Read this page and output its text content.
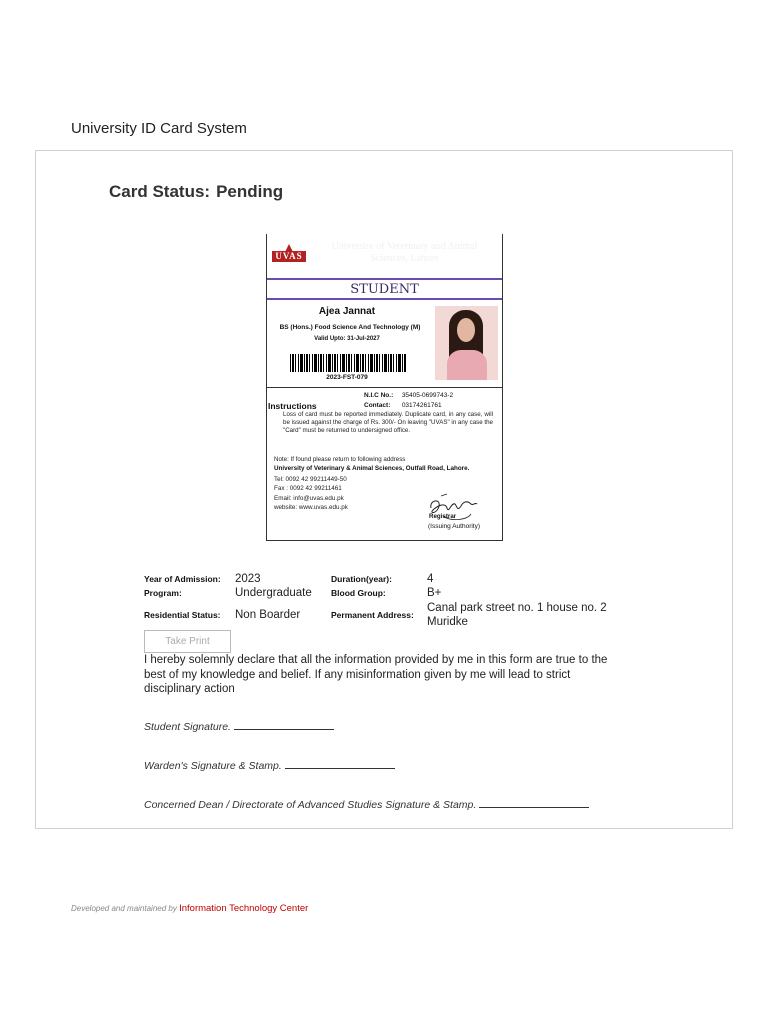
University ID Card System
Card Status: Pending
UVAS
University of Veterinary and Animal Sciences, Lahore
STUDENT
Ajea Jannat
BS (Hons.) Food Science And Technology (M)
Valid Upto: 31-Jul-2027
2023-FST-079
N.I.C No.: 35405-0699743-2
Instructions	Contact: 03174261761
Loss of card must be reported immediately. Duplicate card, in any case, will be issued against the charge of Rs. 300/- On leaving "UVAS" in any case the "Card" must be returned to undersigned office.
Note: If found please return to following address
University of Veterinary & Animal Sciences, Outfall Road, Lahore.
Tel: 0092 42 99211449-50
Fax : 0092 42 99211461
Email: info@uvas.edu.pk
website: www.uvas.edu.pk
Registrar
(Issuing Authority)
Year of Admission: 2023	Duration(year):	4
Program:	Undergraduate Blood Group:	B+
Residential Status: Non Boarder	Permanent Address:
Canal park street no. 1 house no. 2 Muridke
Take Print
I hereby solemnly declare that all the information provided by me in this form are true to the best of my knowledge and belief. If any misinformation given by me will lead to strict disciplinary action
Student Signature.
Warden's Signature & Stamp.
Concerned Dean / Directorate of Advanced Studies Signature & Stamp.
Developed and maintained by Information Technology Center
